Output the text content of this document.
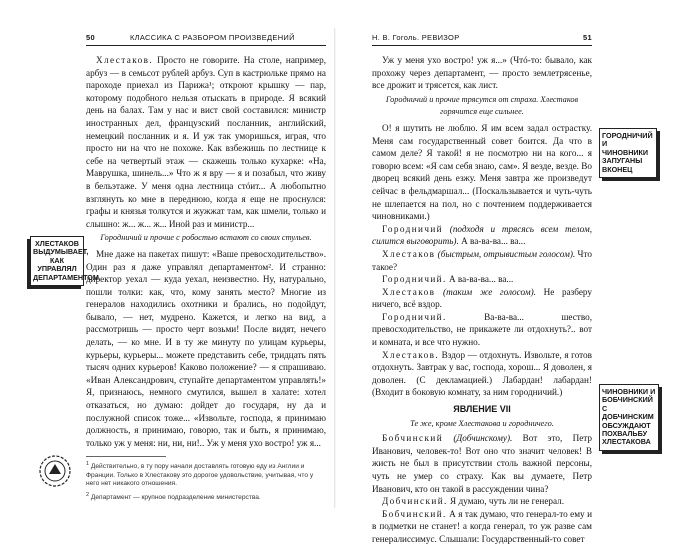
50	КЛАССИКА С РАЗБОРОМ ПРОИЗВЕДЕНИЙ

Хлестаков. Просто не говорите. На столе, например, арбуз — в семьсот рублей арбуз. Суп в кастрюльке прямо на пароходе приехал из Парижа¹; откроют крышку — пар, которому подобного нельзя отыскать в природе. Я всякий день на балах. Там у нас и вист свой составился: министр иностранных дел, французский посланник, английский, немецкий посланник и я. И уж так уморишься, играя, что просто ни на что не похоже. Как взбежишь по лестнице к себе на четвертый этаж — скажешь только кухарке: «На, Маврушка, шинель...» Что ж я вру — я и позабыл, что живу в бельэтаже. У меня одна лестница стóит... А любопытно взглянуть ко мне в переднюю, когда я еще не проснулся: графы и князья толкутся и жужжат там, как шмели, только и слышно: ж... ж... ж... Иной раз и министр...

Городничий и прочие с робостью встают со своих стульев.

Мне даже на пакетах пишут: «Ваше превосходительство». Один раз я даже управлял департаментом². И странно: директор уехал — куда уехал, неизвестно. Ну, натурально, пошли толки: как, что, кому занять место? Многие из генералов находились охотники и брались, но подойдут, бывало, — нет, мудрено. Кажется, и легко на вид, а рассмотришь — просто черт возьми! После видят, нечего делать, — ко мне. И в ту же минуту по улицам курьеры, курьеры, курьеры... можете представить себе, тридцать пять тысяч одних курьеров! Каково положение? — я спрашиваю. «Иван Александрович, ступайте департаментом управлять!» Я, признаюсь, немного смутился, вышел в халате: хотел отказаться, но думаю: дойдет до государя, ну да и послужной список тоже... «Извольте, господа, я принимаю должность, я принимаю, говорю, так и быть, я принимаю, только уж у меня: ни, ни, ни!.. Уж у меня ухо востро! уж я...

ХЛЕСТАКОВ ВЫДУМЫВАЕТ, КАК УПРАВЛЯЛ ДЕПАРТАМЕНТОМ

$^1$ Действительно, в ту пору начали доставлять готовую еду из Англии и Франции. Только в Хлестакову это дорогое удовольствие, учитывая, что у него нет никакого отношения.

$^2$ Департамент — крупное подразделение министерства.

Н. В. Гоголь. РЕВИЗОР	51

Уж у меня ухо востро! уж я...» (Чтó-то: бывало, как прохожу через департамент, — просто землетрясенье, все дрожит и трясется, как лист.

Городничий и прочие трясутся от страха. Хлестаков горячится еще сильнее.

О! я шутить не люблю. Я им всем задал острастку. Меня сам государственный совет боится. Да что в самом деле? Я такой! я не посмотрю ни на кого... я говорю всем: «Я сам себя знаю, сам». Я везде, везде. Во дворец всякий день езжу. Меня завтра же произведут сейчас в фельдмаршал... (Поскальзывается и чуть-чуть не шлепается на пол, но с почтением поддерживается чиновниками.)

Городничий (подходя и трясясь всем телом, силится выговорить). А ва-ва-ва... ва...

Хлестаков (быстрым, отрывистым голосом). Что такое?

Городничий. А ва-ва-ва... ва...

Хлестаков (таким же голосом). Не разберу ничего, всё вздор.

Городничий. Ва-ва-ва... шество, превосходительство, не прикажете ли отдохнуть?.. вот и комната, и все что нужно.

Хлестаков. Вздор — отдохнуть. Извольте, я готов отдохнуть. Завтрак у вас, господа, хорош... Я доволен, я доволен. (С декламацией.) Лабардан! лабардан! (Входит в боковую комнату, за ним городничий.)

ЯВЛЕНИЕ VII

Те же, кроме Хлестакова и городничего.

Бобчинский (Добчинскому). Вот это, Петр Иванович, человек-то! Вот оно что значит человек! В жисть не был в присутствии столь важной персоны, чуть не умер со страху. Как вы думаете, Петр Иванович, кто он такой в рассуждении чина?

Добчинский. Я думаю, чуть ли не генерал.

Бобчинский. А я так думаю, что генерал-то ему и в подметки не станет! а когда генерал, то уж разве сам генералиссимус. Слышали: Государственный-то совет

ГОРОДНИЧИЙ И ЧИНОВНИКИ ЗАПУГАНЫ ВКОНЕЦ
ЧИНОВНИКИ И БОБЧИНСКИЙ С ДОБЧИНСКИМ ОБСУЖДАЮТ ПОХВАЛЬБУ ХЛЕСТАКОВА
